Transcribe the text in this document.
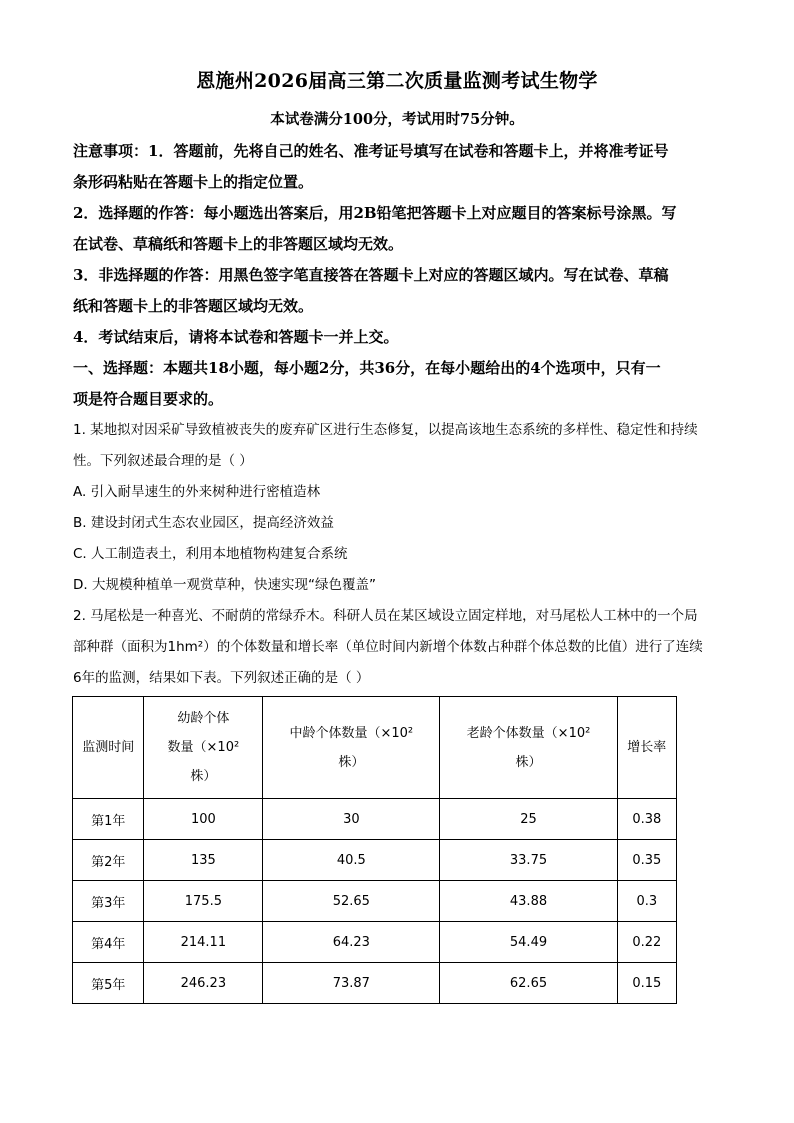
恩施州2026届高三第二次质量监测考试生物学
本试卷满分100分，考试用时75分钟。
注意事项：1．答题前，先将自己的姓名、准考证号填写在试卷和答题卡上，并将准考证号
条形码粘贴在答题卡上的指定位置。
2．选择题的作答：每小题选出答案后，用2B铅笔把答题卡上对应题目的答案标号涂黑。写
在试卷、草稿纸和答题卡上的非答题区域均无效。
3．非选择题的作答：用黑色签字笔直接答在答题卡上对应的答题区域内。写在试卷、草稿
纸和答题卡上的非答题区域均无效。
4．考试结束后，请将本试卷和答题卡一并上交。
一、选择题：本题共18小题，每小题2分，共36分，在每小题给出的4个选项中，只有一
项是符合题目要求的。
1. 某地拟对因采矿导致植被丧失的废弃矿区进行生态修复，以提高该地生态系统的多样性、稳定性和持续
性。下列叙述最合理的是（ ）
A. 引入耐旱速生的外来树种进行密植造林
B. 建设封闭式生态农业园区，提高经济效益
C. 人工制造表土，利用本地植物构建复合系统
D. 大规模种植单一观赏草种，快速实现“绿色覆盖”
2. 马尾松是一种喜光、不耐荫的常绿乔木。科研人员在某区域设立固定样地，对马尾松人工林中的一个局
部种群（面积为1hm²）的个体数量和增长率（单位时间内新增个体数占种群个体总数的比值）进行了连续
6年的监测，结果如下表。下列叙述正确的是（ ）
监测时间	幼龄个体
数量（×10²
株）	中龄个体数量（×10²
株）	老龄个体数量（×10²
株）	增长率
第1年	100	30	25	0.38
第2年	135	40.5	33.75	0.35
第3年	175.5	52.65	43.88	0.3
第4年	214.11	64.23	54.49	0.22
第5年	246.23	73.87	62.65	0.15
